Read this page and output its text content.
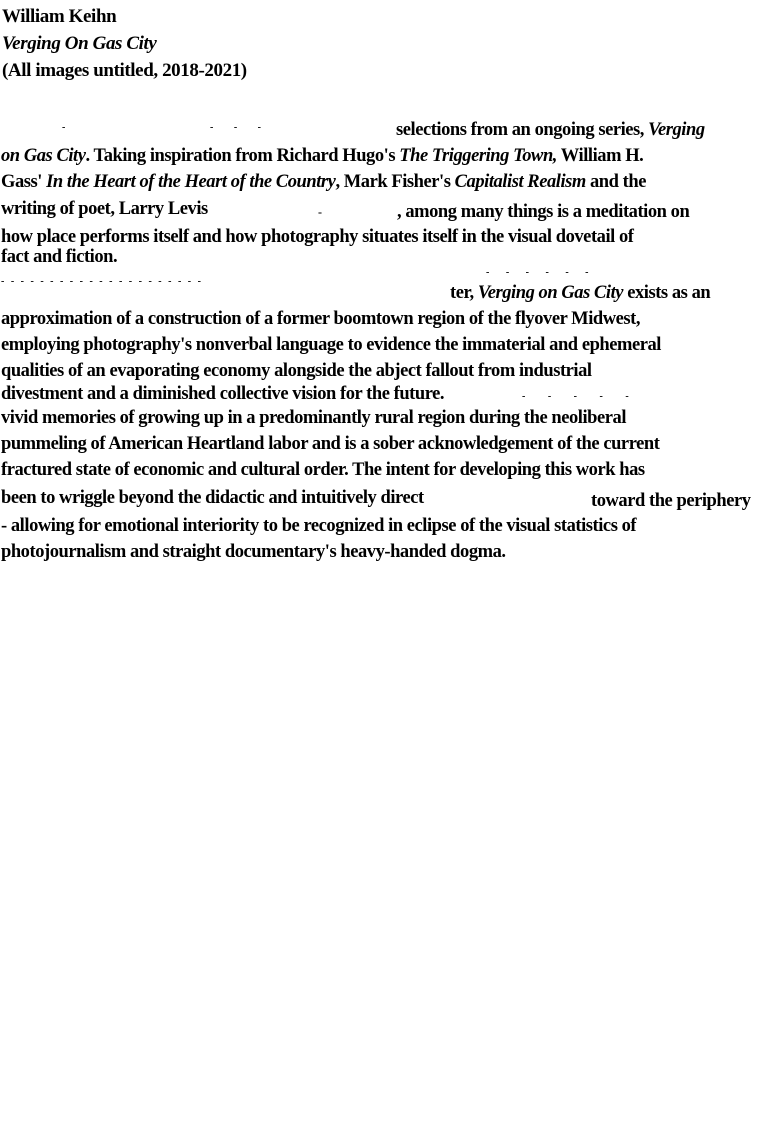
William Keihn
Verging On Gas City
(All images untitled, 2018-2021)
-	- - -	selections from an ongoing series, Verging
on Gas City. Taking inspiration from Richard Hugo's The Triggering Town, William H.
Gass' In the Heart of the Heart of the Country, Mark Fisher's Capitalist Realism and the
writing of poet, Larry Levis	-	, among many things is a meditation on
how place performs itself and how photography situates itself in the visual dovetail of
fact and fiction.
- - - - - - - - - - - - - - - - - - - - -
- - - - - -
ter, Verging on Gas City exists as an
approximation of a construction of a former boomtown region of the flyover Midwest,
employing photography's nonverbal language to evidence the immaterial and ephemeral
qualities of an evaporating economy alongside the abject fallout from industrial
divestment and a diminished collective vision for the future.	- - - - -
vivid memories of growing up in a predominantly rural region during the neoliberal
pummeling of American Heartland labor and is a sober acknowledgement of the current
fractured state of economic and cultural order. The intent for developing this work has
been to wriggle beyond the didactic and intuitively direct	toward the periphery
- allowing for emotional interiority to be recognized in eclipse of the visual statistics of
photojournalism and straight documentary's heavy-handed dogma.
